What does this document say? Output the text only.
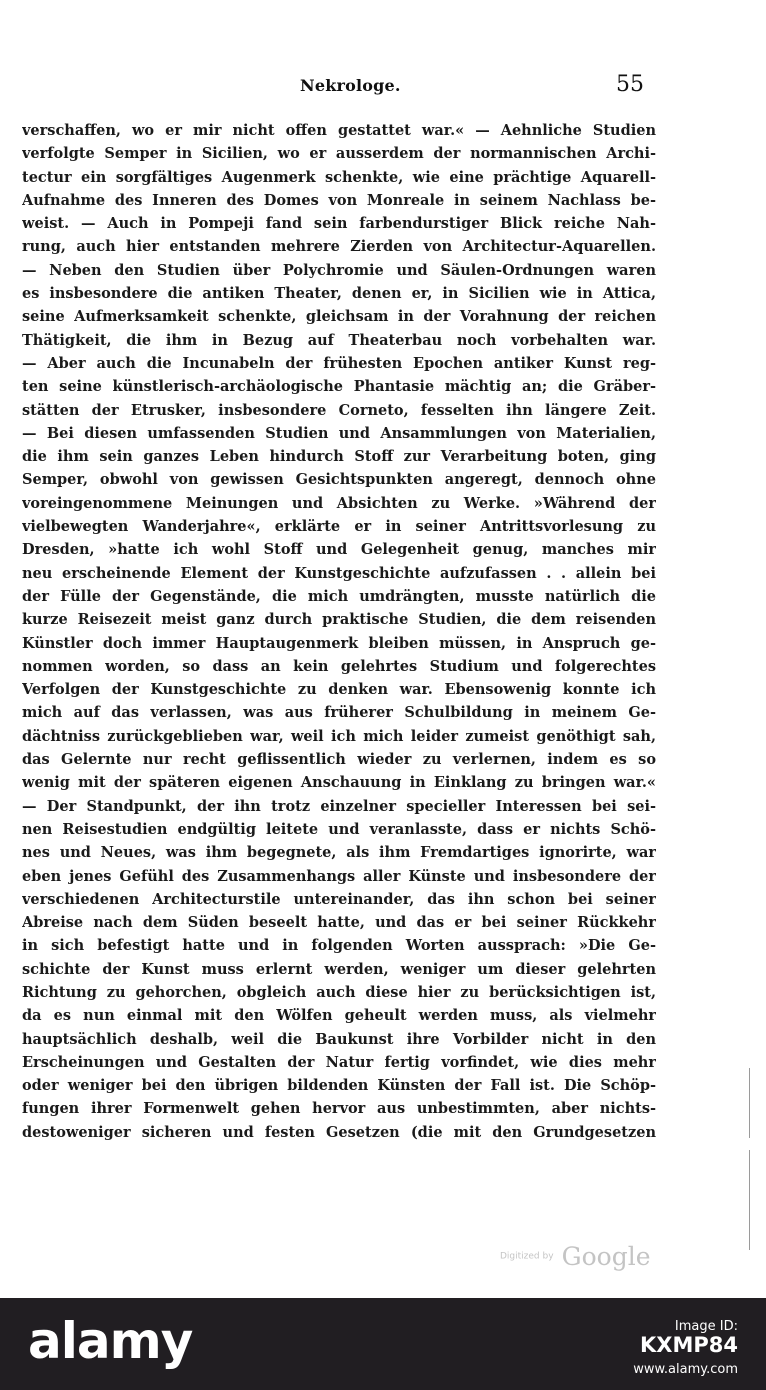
Nekrologe.	55
verschaffen, wo er mir nicht offen gestattet war.« — Aehnliche Studien
verfolgte Semper in Sicilien, wo er ausserdem der normannischen Archi-
tectur ein sorgfältiges Augenmerk schenkte, wie eine prächtige Aquarell-
Aufnahme des Inneren des Domes von Monreale in seinem Nachlass be-
weist. — Auch in Pompeji fand sein farbendurstiger Blick reiche Nah-
rung, auch hier entstanden mehrere Zierden von Architectur-Aquarellen.
— Neben den Studien über Polychromie und Säulen-Ordnungen waren
es insbesondere die antiken Theater, denen er, in Sicilien wie in Attica,
seine Aufmerksamkeit schenkte, gleichsam in der Vorahnung der reichen
Thätigkeit, die ihm in Bezug auf Theaterbau noch vorbehalten war.
— Aber auch die Incunabeln der frühesten Epochen antiker Kunst reg-
ten seine künstlerisch-archäologische Phantasie mächtig an; die Gräber-
stätten der Etrusker, insbesondere Corneto, fesselten ihn längere Zeit.
— Bei diesen umfassenden Studien und Ansammlungen von Materialien,
die ihm sein ganzes Leben hindurch Stoff zur Verarbeitung boten, ging
Semper, obwohl von gewissen Gesichtspunkten angeregt, dennoch ohne
voreingenommene Meinungen und Absichten zu Werke. »Während der
vielbewegten Wanderjahre«, erklärte er in seiner Antrittsvorlesung zu
Dresden, »hatte ich wohl Stoff und Gelegenheit genug, manches mir
neu erscheinende Element der Kunstgeschichte aufzufassen . . allein bei
der Fülle der Gegenstände, die mich umdrängten, musste natürlich die
kurze Reisezeit meist ganz durch praktische Studien, die dem reisenden
Künstler doch immer Hauptaugenmerk bleiben müssen, in Anspruch ge-
nommen worden, so dass an kein gelehrtes Studium und folgerechtes
Verfolgen der Kunstgeschichte zu denken war. Ebensowenig konnte ich
mich auf das verlassen, was aus früherer Schulbildung in meinem Ge-
dächtniss zurückgeblieben war, weil ich mich leider zumeist genöthigt sah,
das Gelernte nur recht geflissentlich wieder zu verlernen, indem es so
wenig mit der späteren eigenen Anschauung in Einklang zu bringen war.«
— Der Standpunkt, der ihn trotz einzelner specieller Interessen bei sei-
nen Reisestudien endgültig leitete und veranlasste, dass er nichts Schö-
nes und Neues, was ihm begegnete, als ihm Fremdartiges ignorirte, war
eben jenes Gefühl des Zusammenhangs aller Künste und insbesondere der
verschiedenen Architecturstile untereinander, das ihn schon bei seiner
Abreise nach dem Süden beseelt hatte, und das er bei seiner Rückkehr
in sich befestigt hatte und in folgenden Worten aussprach: »Die Ge-
schichte der Kunst muss erlernt werden, weniger um dieser gelehrten
Richtung zu gehorchen, obgleich auch diese hier zu berücksichtigen ist,
da es nun einmal mit den Wölfen geheult werden muss, als vielmehr
hauptsächlich deshalb, weil die Baukunst ihre Vorbilder nicht in den
Erscheinungen und Gestalten der Natur fertig vorfindet, wie dies mehr
oder weniger bei den übrigen bildenden Künsten der Fall ist. Die Schöp-
fungen ihrer Formenwelt gehen hervor aus unbestimmten, aber nichts-
destoweniger sicheren und festen Gesetzen (die mit den Grundgesetzen
Digitized by Google
alamy	Image ID:
KXMP84
www.alamy.com
